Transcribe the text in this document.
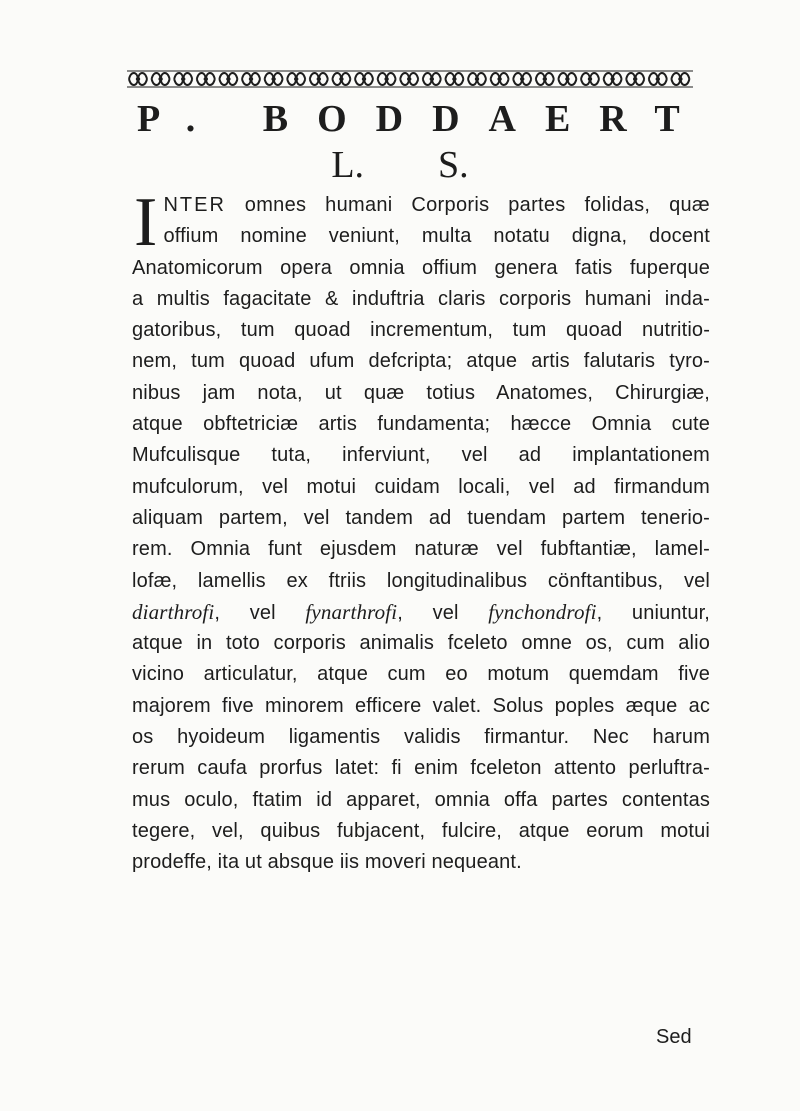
P. BODDAERT
L. S.
I NTER omnes humani Corporis partes folidas, quæ
offium nomine veniunt, multa notatu digna, docent
Anatomicorum opera omnia offium genera fatis fuperque
a multis fagacitate & induftria claris corporis humani inda-
gatoribus, tum quoad incrementum, tum quoad nutritio-
nem, tum quoad ufum defcripta; atque artis falutaris tyro-
nibus jam nota, ut quæ totius Anatomes, Chirurgiæ,
atque obftetriciæ artis fundamenta; hæcce Omnia cute
Mufculisque tuta, inferviunt, vel ad implantationem
mufculorum, vel motui cuidam locali, vel ad firmandum
aliquam partem, vel tandem ad tuendam partem tenerio-
rem. Omnia funt ejusdem naturæ vel fubftantiæ, lamel-
lofæ, lamellis ex ftriis longitudinalibus cönftantibus, vel
diarthrofi, vel fynarthrofi, vel fynchondrofi, uniuntur,
atque in toto corporis animalis fceleto omne os, cum alio
vicino articulatur, atque cum eo motum quemdam five
majorem five minorem efficere valet. Solus poples æque ac
os hyoideum ligamentis validis firmantur. Nec harum
rerum caufa prorfus latet: fi enim fceleton attento perluftra-
mus oculo, ftatim id apparet, omnia offa partes contentas
tegere, vel, quibus fubjacent, fulcire, atque eorum motui
prodeffe, ita ut absque iis moveri nequeant.
Sed
